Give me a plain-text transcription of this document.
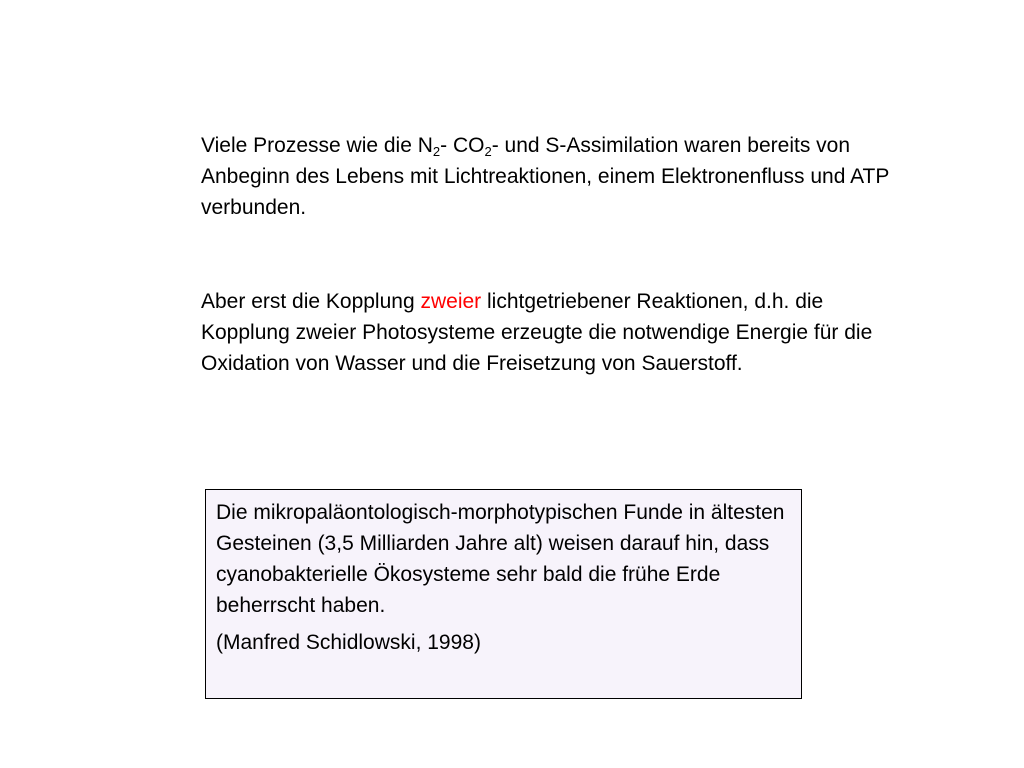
Viele Prozesse wie die $N_2-$ $CO_2-$ und S-Assimilation waren bereits von Anbeginn des Lebens mit Lichtreaktionen, einem Elektronenfluss und ATP verbunden.

Aber erst die Kopplung zweier lichtgetriebener Reaktionen, d.h. die Kopplung zweier Photosysteme erzeugte die notwendige Energie für die Oxidation von Wasser und die Freisetzung von Sauerstoff.

Die mikropaläontologisch-morphotypischen Funde in ältesten Gesteinen (3,5 Milliarden Jahre alt) weisen darauf hin, dass cyanobakterielle Ökosysteme sehr bald die frühe Erde beherrscht haben.

(Manfred Schidlowski, 1998)
